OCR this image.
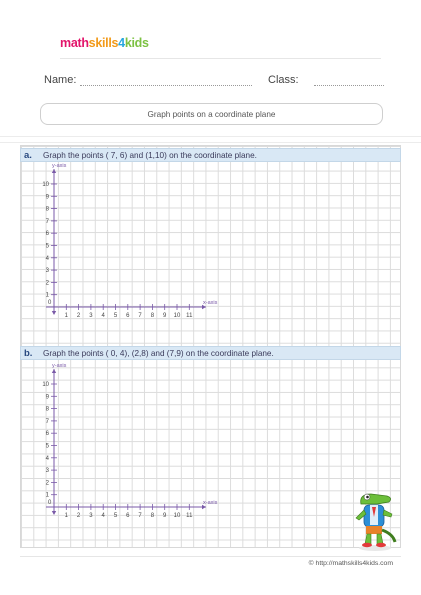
mathskills4kids
Name:	Class:
Graph points on a coordinate plane
a.	Graph the points ( 7, 6) and (1,10) on the coordinate plane.
b.	Graph the points ( 0, 4), (2,8) and (7,9) on the coordinate plane.
y-axis
x-axis
0
1 2 3 4 5 6 7 8 9 10 11
1
2
3
4
5
6
7
8
9
10
y-axis
x-axis
0
1 2 3 4 5 6 7 8 9 10 11
1
2
3
4
5
6
7
8
9
10
© http://mathskills4kids.com
